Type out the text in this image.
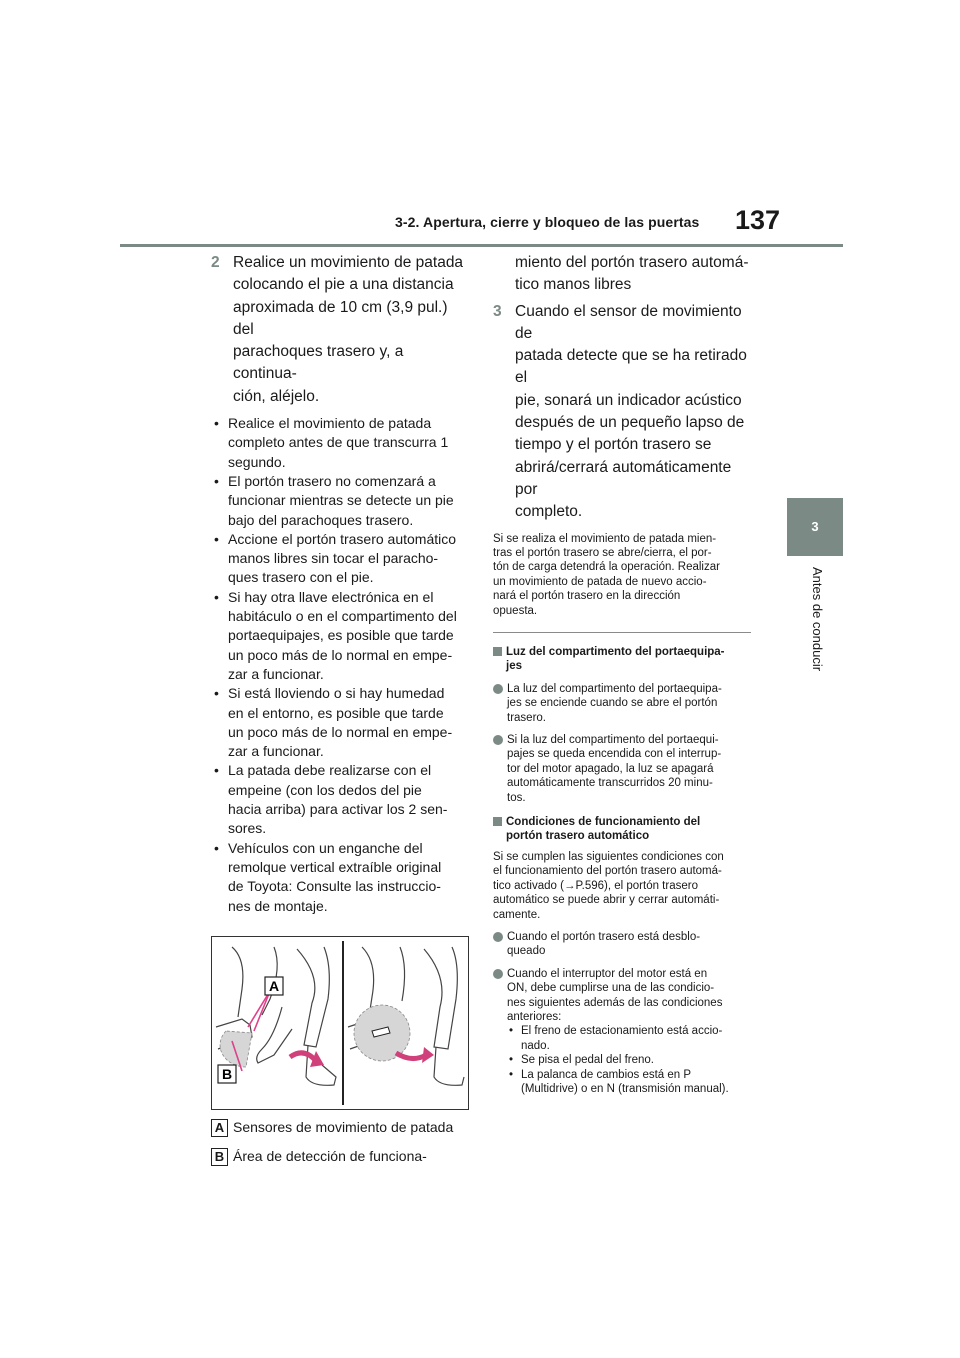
3-2. Apertura, cierre y bloqueo de las puertas 137
3
Antes de conducir
2 Realice un movimiento de patada
colocando el pie a una distancia
aproximada de 10 cm (3,9 pul.) del
parachoques trasero y, a continua-
ción, aléjelo.
• Realice el movimiento de patada
completo antes de que transcurra 1
segundo.
• El portón trasero no comenzará a
funcionar mientras se detecte un pie
bajo del parachoques trasero.
• Accione el portón trasero automático
manos libres sin tocar el paracho-
ques trasero con el pie.
• Si hay otra llave electrónica en el
habitáculo o en el compartimento del
portaequipajes, es posible que tarde
un poco más de lo normal en empe-
zar a funcionar.
• Si está lloviendo o si hay humedad
en el entorno, es posible que tarde
un poco más de lo normal en empe-
zar a funcionar.
• La patada debe realizarse con el
empeine (con los dedos del pie
hacia arriba) para activar los 2 sen-
sores.
• Vehículos con un enganche del
remolque vertical extraíble original
de Toyota: Consulte las instruccio-
nes de montaje.
A
B
A Sensores de movimiento de patada
B Área de detección de funciona-
miento del portón trasero automá-
tico manos libres
3 Cuando el sensor de movimiento de
patada detecte que se ha retirado el
pie, sonará un indicador acústico
después de un pequeño lapso de
tiempo y el portón trasero se
abrirá/cerrará automáticamente por
completo.
Si se realiza el movimiento de patada mien-
tras el portón trasero se abre/cierra, el por-
tón de carga detendrá la operación. Realizar
un movimiento de patada de nuevo accio-
nará el portón trasero en la dirección
opuesta.
Luz del compartimento del portaequipa-
jes
La luz del compartimento del portaequipa-
jes se enciende cuando se abre el portón
trasero.
Si la luz del compartimento del portaequi-
pajes se queda encendida con el interrup-
tor del motor apagado, la luz se apagará
automáticamente transcurridos 20 minu-
tos.
Condiciones de funcionamiento del
portón trasero automático
Si se cumplen las siguientes condiciones con
el funcionamiento del portón trasero automá-
tico activado (→P.596), el portón trasero
automático se puede abrir y cerrar automáti-
camente.
Cuando el portón trasero está desblo-
queado
Cuando el interruptor del motor está en
ON, debe cumplirse una de las condicio-
nes siguientes además de las condiciones
anteriores:
• El freno de estacionamiento está accio-
nado.
• Se pisa el pedal del freno.
• La palanca de cambios está en P
(Multidrive) o en N (transmisión manual).
